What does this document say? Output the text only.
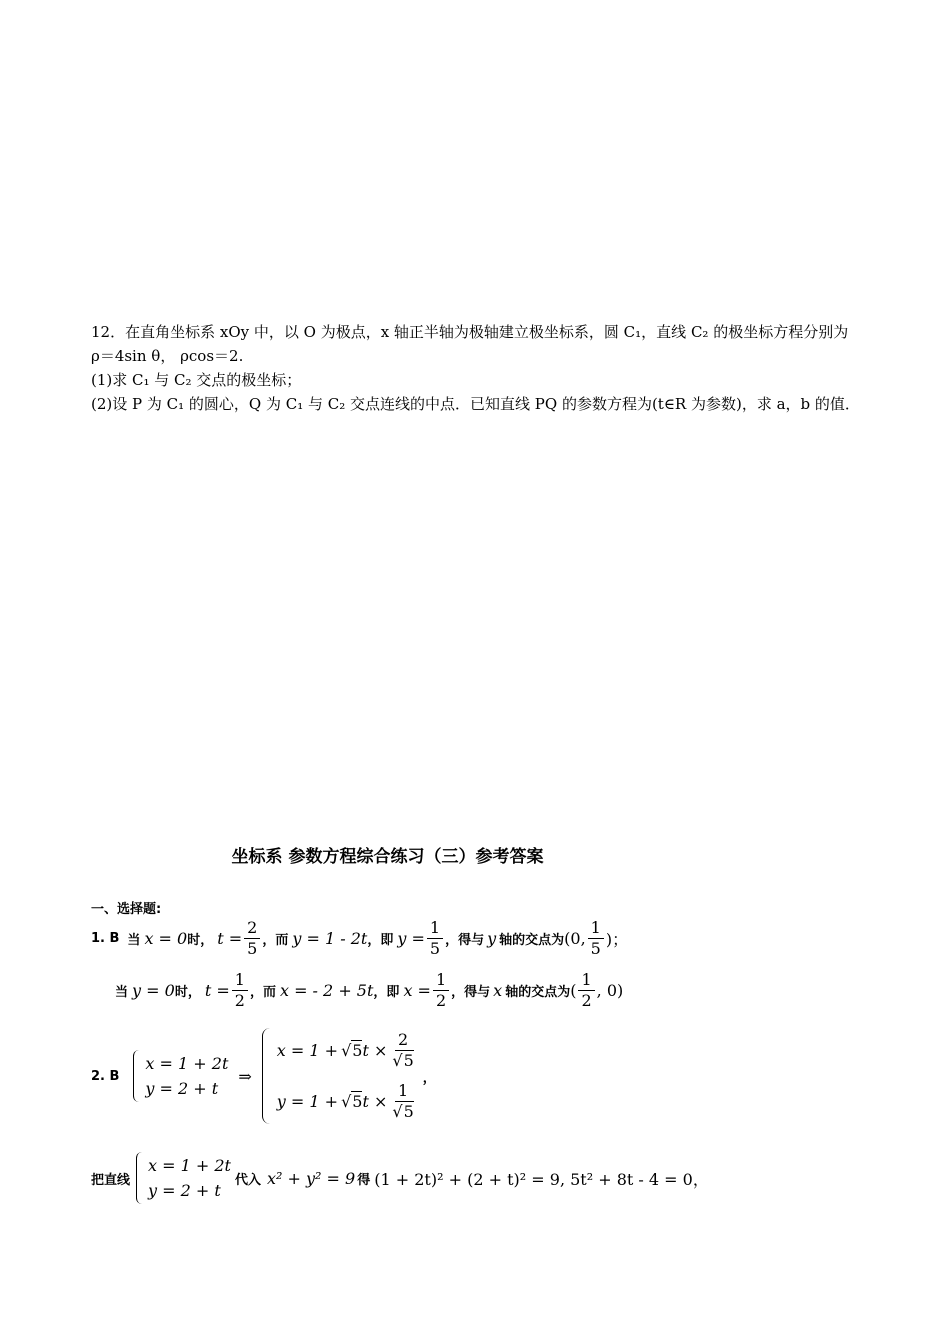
12．在直角坐标系 xOy 中，以 O 为极点，x 轴正半轴为极轴建立极坐标系，圆 C₁，直线 C₂ 的极坐标方程分别为
ρ＝4sin θ， ρcos＝2.
(1)求 C₁ 与 C₂ 交点的极坐标；
(2)设 P 为 C₁ 的圆心，Q 为 C₁ 与 C₂ 交点连线的中点．已知直线 PQ 的参数方程为(t∈R 为参数)，求 a，b 的值．
坐标系 参数方程综合练习（三）参考答案
一、选择题:
1. B 当 x = 0 时， $t = \frac{2}{5}$ ，而 y = 1 - 2t ，即 $y = \frac{1}{5}$ ，得与 y 轴的交点为 (0, $\frac{1}{5}$ )；
当 y = 0 时， $t = \frac{1}{2}$ ，而 x = - 2 + 5t ，即 $x = \frac{1}{2}$ ，得与 x 轴的交点为 ( $\frac{1}{2}$ , 0)
2. B
x = 1 + 2t
y = 2 + t
⇒
x = 1 + √5 $t \times \frac{2}{√5}$
y = 1 + √5 $t \times \frac{1}{√5}$
，
把直线
x = 1 + 2t
y = 2 + t
代入 x² + y² = 9 得 (1 + 2t)² + (2 + t)² = 9, 5t² + 8t - 4 = 0，
